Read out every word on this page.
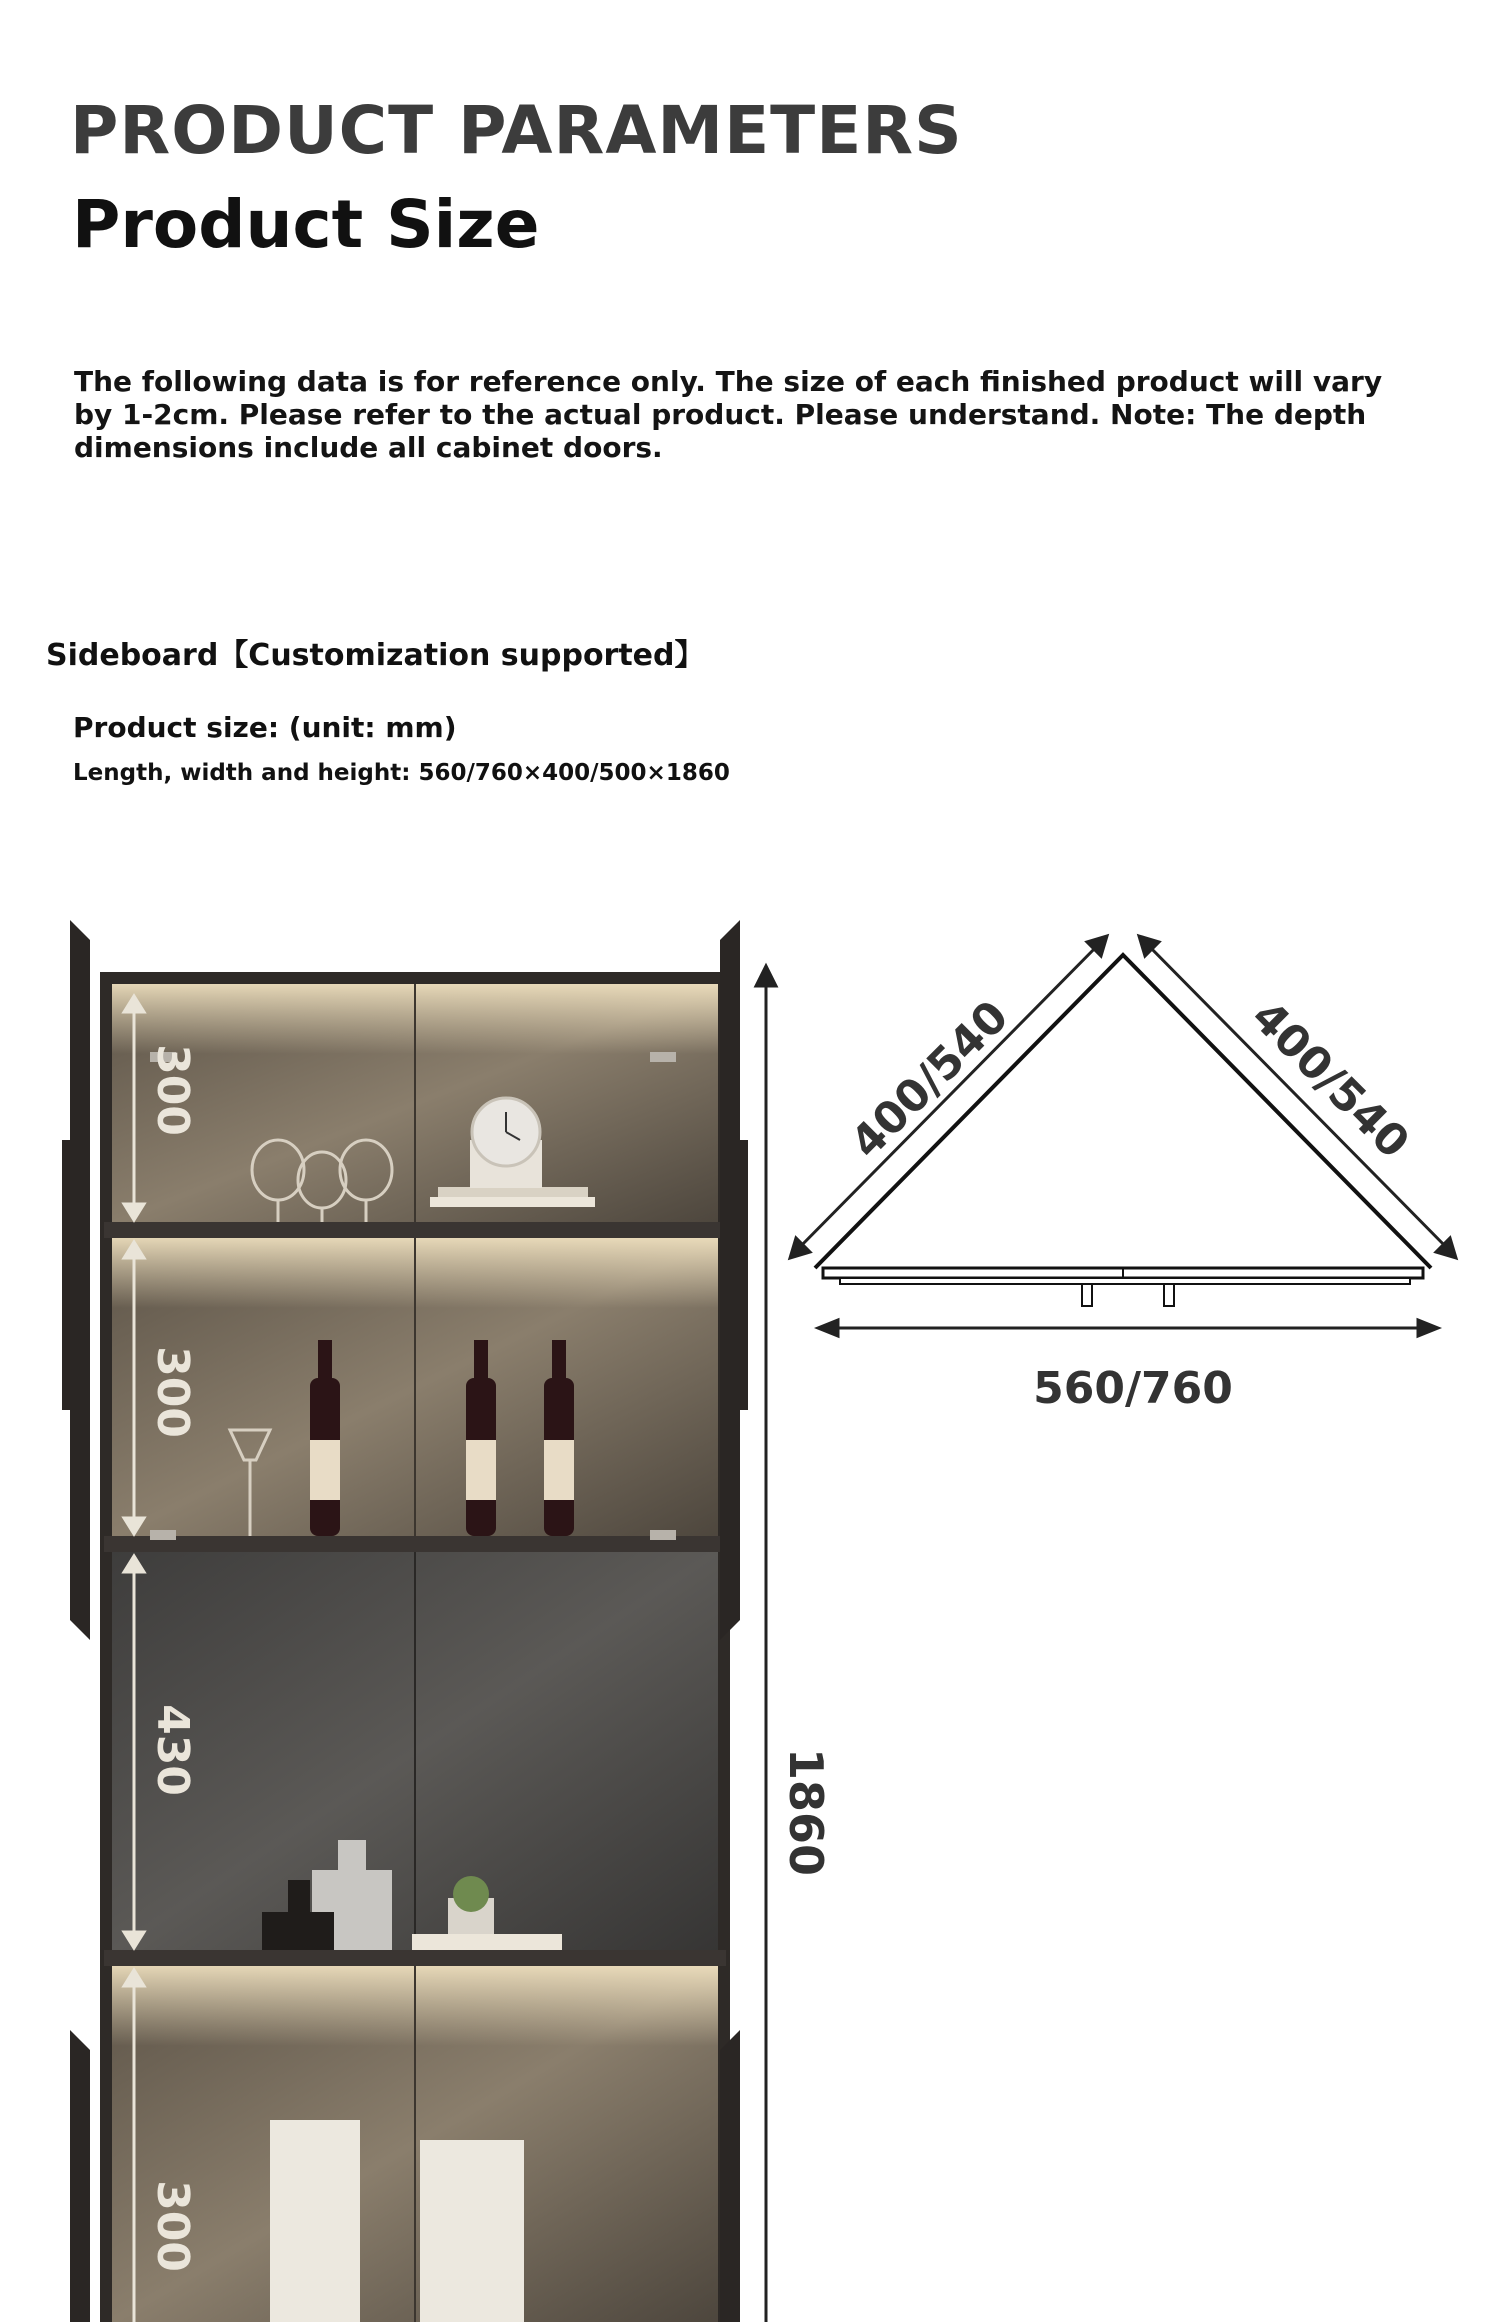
PRODUCT PARAMETERS
Product Size
The following data is for reference only. The size of each finished product will vary by 1-2cm. Please refer to the actual product. Please understand. Note: The depth dimensions include all cabinet doors.
Sideboard【Customization supported】
Product size: (unit: mm)
Length, width and height: 560/760×400/500×1860
300
300
430
300
1860
400/540	400/540
560/760
